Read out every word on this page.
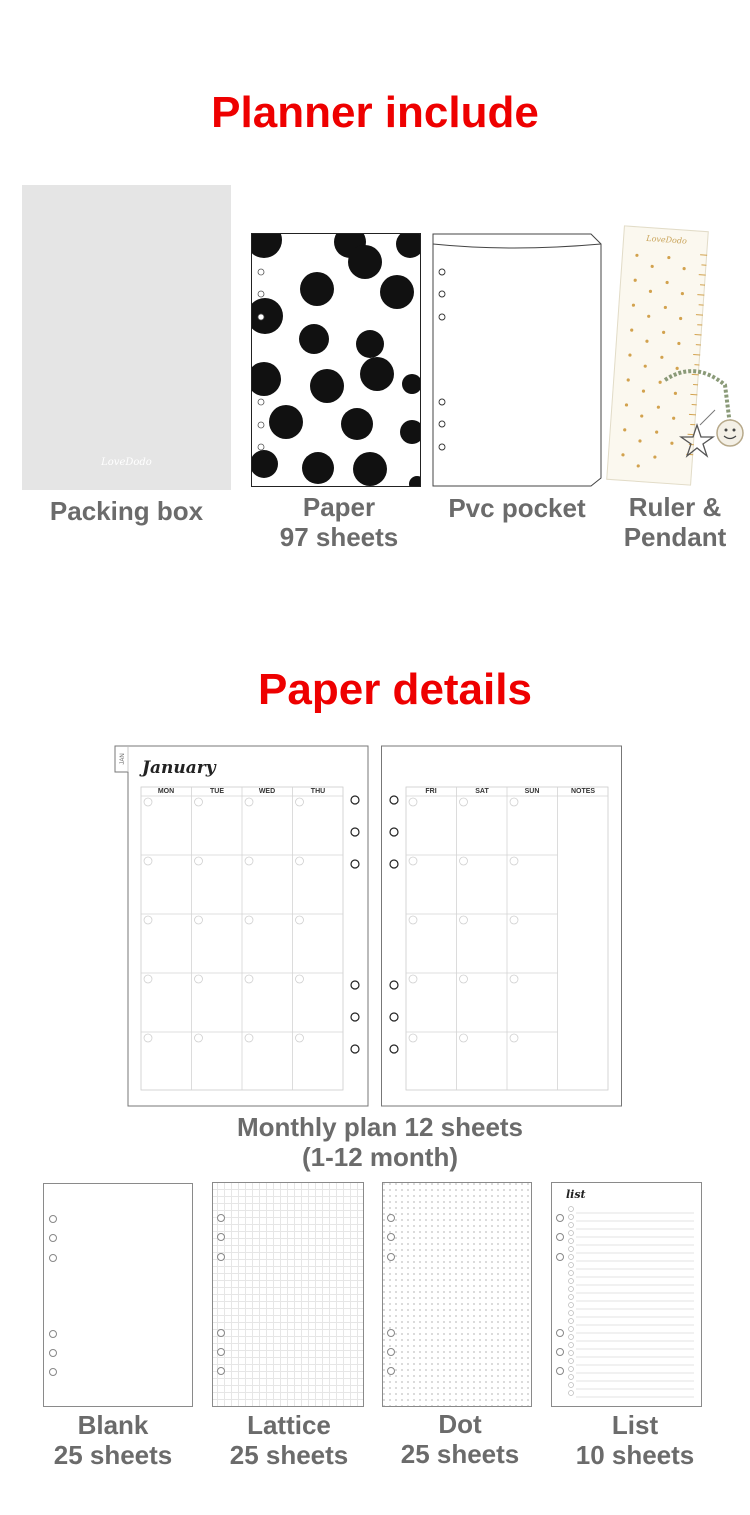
Planner include
LoveDodo
Packing box	Paper
97 sheets
Pvc pocket
LoveDodo
Ruler &
Pendant
Paper details
JAN January
MON	TUE	WED	THU	FRI	SAT	SUN	NOTES
Monthly plan 12 sheets
(1-12 month)
Blank
25 sheets
Lattice
25 sheets
Dot
25 sheets
list
List
10 sheets
